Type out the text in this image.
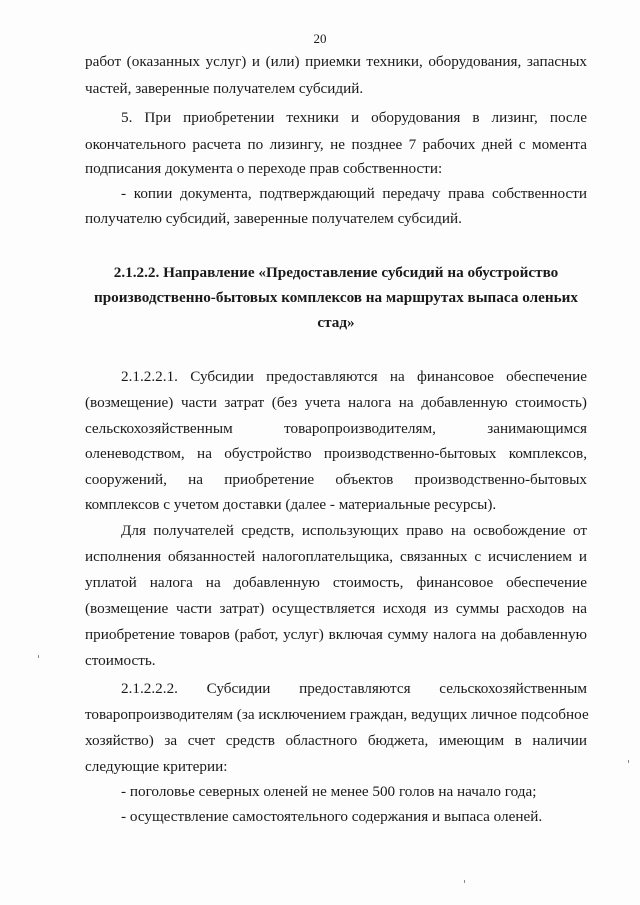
20
работ (оказанных услуг) и (или) приемки техники, оборудования, запасных
частей, заверенные получателем субсидий.
5. При приобретении техники и оборудования в лизинг, после
окончательного расчета по лизингу, не позднее 7 рабочих дней с момента
подписания документа о переходе прав собственности:
- копии документа, подтверждающий передачу права собственности
получателю субсидий, заверенные получателем субсидий.
2.1.2.2. Направление «Предоставление субсидий на обустройство
производственно-бытовых комплексов на маршрутах выпаса оленьих
стад»
2.1.2.2.1. Субсидии предоставляются на финансовое обеспечение
(возмещение) части затрат (без учета налога на добавленную стоимость)
сельскохозяйственным товаропроизводителям, занимающимся
оленеводством, на обустройство производственно-бытовых комплексов,
сооружений, на приобретение объектов производственно-бытовых
комплексов с учетом доставки (далее - материальные ресурсы).
Для получателей средств, использующих право на освобождение от
исполнения обязанностей налогоплательщика, связанных с исчислением и
уплатой налога на добавленную стоимость, финансовое обеспечение
(возмещение части затрат) осуществляется исходя из суммы расходов на
приобретение товаров (работ, услуг) включая сумму налога на добавленную
стоимость.
2.1.2.2.2. Субсидии предоставляются сельскохозяйственным
товаропроизводителям (за исключением граждан, ведущих личное подсобное
хозяйство) за счет средств областного бюджета, имеющим в наличии
следующие критерии:
- поголовье северных оленей не менее 500 голов на начало года;
- осуществление самостоятельного содержания и выпаса оленей.
